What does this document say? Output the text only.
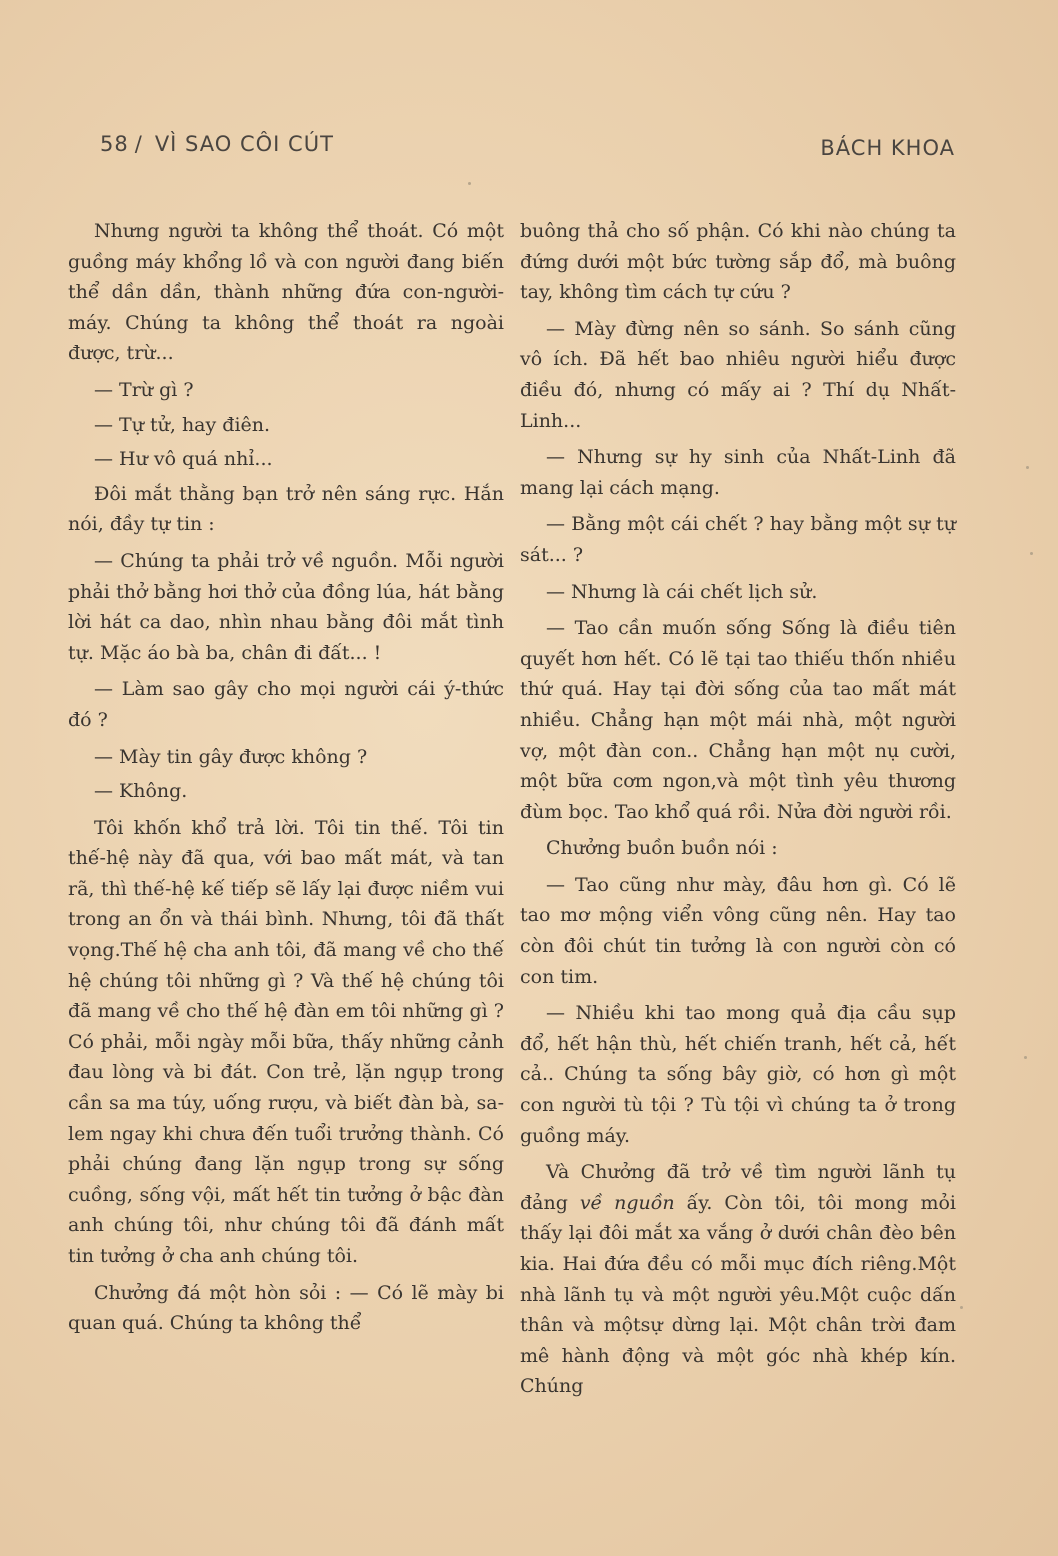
58 / VÌ SAO CÔI CÚT	BÁCH KHOA

Nhưng người ta không thể thoát. Có một guồng máy khổng lồ và con người đang biến thể dần dần, thành những đứa con-người-máy. Chúng ta không thể thoát ra ngoài được, trừ...

— Trừ gì ?

— Tự tử, hay điên.

— Hư vô quá nhỉ...

Đôi mắt thằng bạn trở nên sáng rực. Hắn nói, đầy tự tin :

— Chúng ta phải trở về nguồn. Mỗi người phải thở bằng hơi thở của đồng lúa, hát bằng lời hát ca dao, nhìn nhau bằng đôi mắt tình tự. Mặc áo bà ba, chân đi đất... !

— Làm sao gây cho mọi người cái ý-thức đó ?

— Mày tin gây được không ?

— Không.

Tôi khốn khổ trả lời. Tôi tin thế. Tôi tin thế-hệ này đã qua, với bao mất mát, và tan rã, thì thế-hệ kế tiếp sẽ lấy lại được niềm vui trong an ổn và thái bình. Nhưng, tôi đã thất vọng.Thế hệ cha anh tôi, đã mang về cho thế hệ chúng tôi những gì ? Và thế hệ chúng tôi đã mang về cho thế hệ đàn em tôi những gì ? Có phải, mỗi ngày mỗi bữa, thấy những cảnh đau lòng và bi đát. Con trẻ, lặn ngụp trong cần sa ma túy, uống rượu, và biết đàn bà, sa-lem ngay khi chưa đến tuổi trưởng thành. Có phải chúng đang lặn ngụp trong sự sống cuồng, sống vội, mất hết tin tưởng ở bậc đàn anh chúng tôi, như chúng tôi đã đánh mất tin tưởng ở cha anh chúng tôi.

Chưởng đá một hòn sỏi : — Có lẽ mày bi quan quá. Chúng ta không thể

buông thả cho số phận. Có khi nào chúng ta đứng dưới một bức tường sắp đổ, mà buông tay, không tìm cách tự cứu ?

— Mày đừng nên so sánh. So sánh cũng vô ích. Đã hết bao nhiêu người hiểu được điều đó, nhưng có mấy ai ? Thí dụ Nhất-Linh...

— Nhưng sự hy sinh của Nhất-Linh đã mang lại cách mạng.

— Bằng một cái chết ? hay bằng một sự tự sát... ?

— Nhưng là cái chết lịch sử.

— Tao cần muốn sống Sống là điều tiên quyết hơn hết. Có lẽ tại tao thiếu thốn nhiều thứ quá. Hay tại đời sống của tao mất mát nhiều. Chẳng hạn một mái nhà, một người vợ, một đàn con.. Chẳng hạn một nụ cười, một bữa cơm ngon,và một tình yêu thương đùm bọc. Tao khổ quá rồi. Nửa đời người rồi.

Chưởng buồn buồn nói :

— Tao cũng như mày, đâu hơn gì. Có lẽ tao mơ mộng viển vông cũng nên. Hay tao còn đôi chút tin tưởng là con người còn có con tim.

— Nhiều khi tao mong quả địa cầu sụp đổ, hết hận thù, hết chiến tranh, hết cả, hết cả.. Chúng ta sống bây giờ, có hơn gì một con người tù tội ? Tù tội vì chúng ta ở trong guồng máy.

Và Chưởng đã trở về tìm người lãnh tụ đảng về nguồn ấy. Còn tôi, tôi mong mỏi thấy lại đôi mắt xa vắng ở dưới chân đèo bên kia. Hai đứa đều có mỗi mục đích riêng.Một nhà lãnh tụ và một người yêu.Một cuộc dấn thân và mộtsự dừng lại. Một chân trời đam mê hành động và một góc nhà khép kín. Chúng
